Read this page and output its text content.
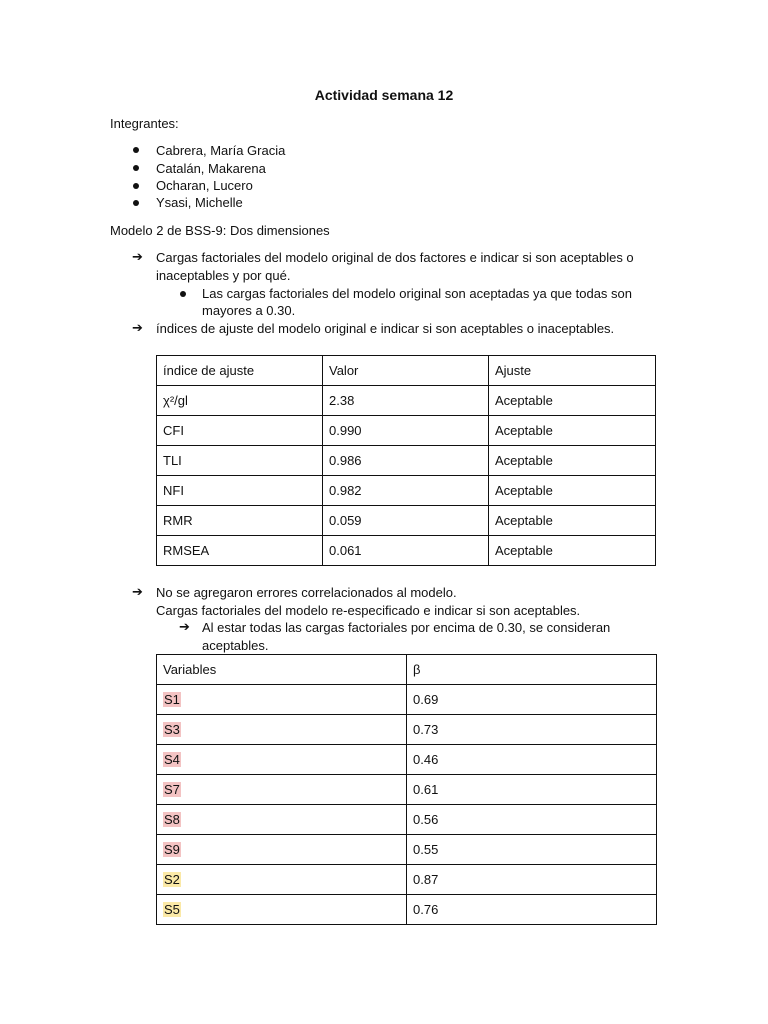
Actividad semana 12
Integrantes:
Cabrera, María Gracia
Catalán, Makarena
Ocharan, Lucero
Ysasi, Michelle
Modelo 2 de BSS-9: Dos dimensiones
➔ Cargas factoriales del modelo original de dos factores e indicar si son aceptables o
inaceptables y por qué.
Las cargas factoriales del modelo original son aceptadas ya que todas son
mayores a 0.30.
➔ índices de ajuste del modelo original e indicar si son aceptables o inaceptables.
índice de ajuste	Valor	Ajuste
χ²/gl	2.38	Aceptable
CFI	0.990	Aceptable
TLI	0.986	Aceptable
NFI	0.982	Aceptable
RMR	0.059	Aceptable
RMSEA	0.061	Aceptable
➔ No se agregaron errores correlacionados al modelo.
Cargas factoriales del modelo re-especificado e indicar si son aceptables.
➔ Al estar todas las cargas factoriales por encima de 0.30, se consideran
aceptables.
Variables	β
S1	0.69
S3	0.73
S4	0.46
S7	0.61
S8	0.56
S9	0.55
S2	0.87
S5	0.76
